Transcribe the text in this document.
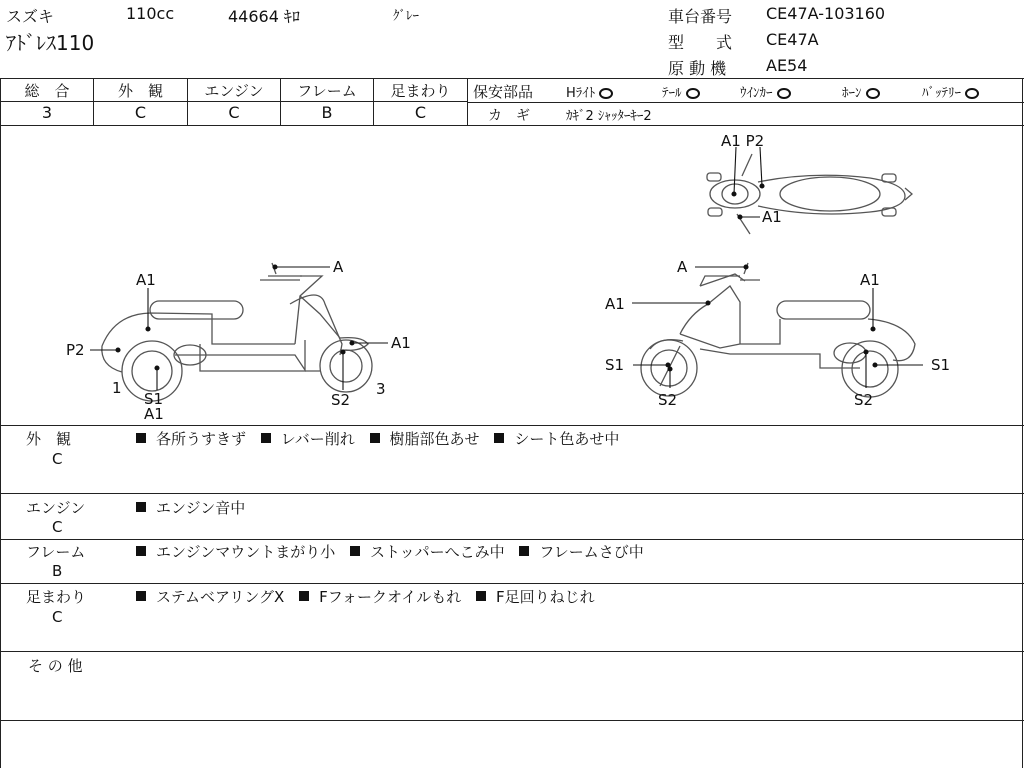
スズキ	110cc	44664 ｷﾛ	ｸﾞﾚｰ
ｱﾄﾞﾚｽ110
車台番号 CE47A-103160
型　　式 CE47A
原 動 機 AE54
総　合	外　観	エンジン	フレーム	足まわり
3	C	C	B	C
保安部品	Hﾗｲﾄ	ﾃｰﾙ	ｳｲﾝｶｰ	ﾎｰﾝ	ﾊﾞｯﾃﾘｰ
カ　ギ	ｶｷﾞ2 ｼｬｯﾀｰｷｰ2
A1 P2
A1
A
A1
P2	A1
1
S1
A1
S2
3
A
A1
A1
S1	S1
S2	S2
外　観
C
各所うすきず レバー削れ 樹脂部色あせ シート色あせ中
エンジン
C
エンジン音中
フレーム
B
エンジンマウントまがり小 ストッパーへこみ中 フレームさび中
足まわり
C
ステムベアリングX Fフォークオイルもれ F足回りねじれ
そ の 他
